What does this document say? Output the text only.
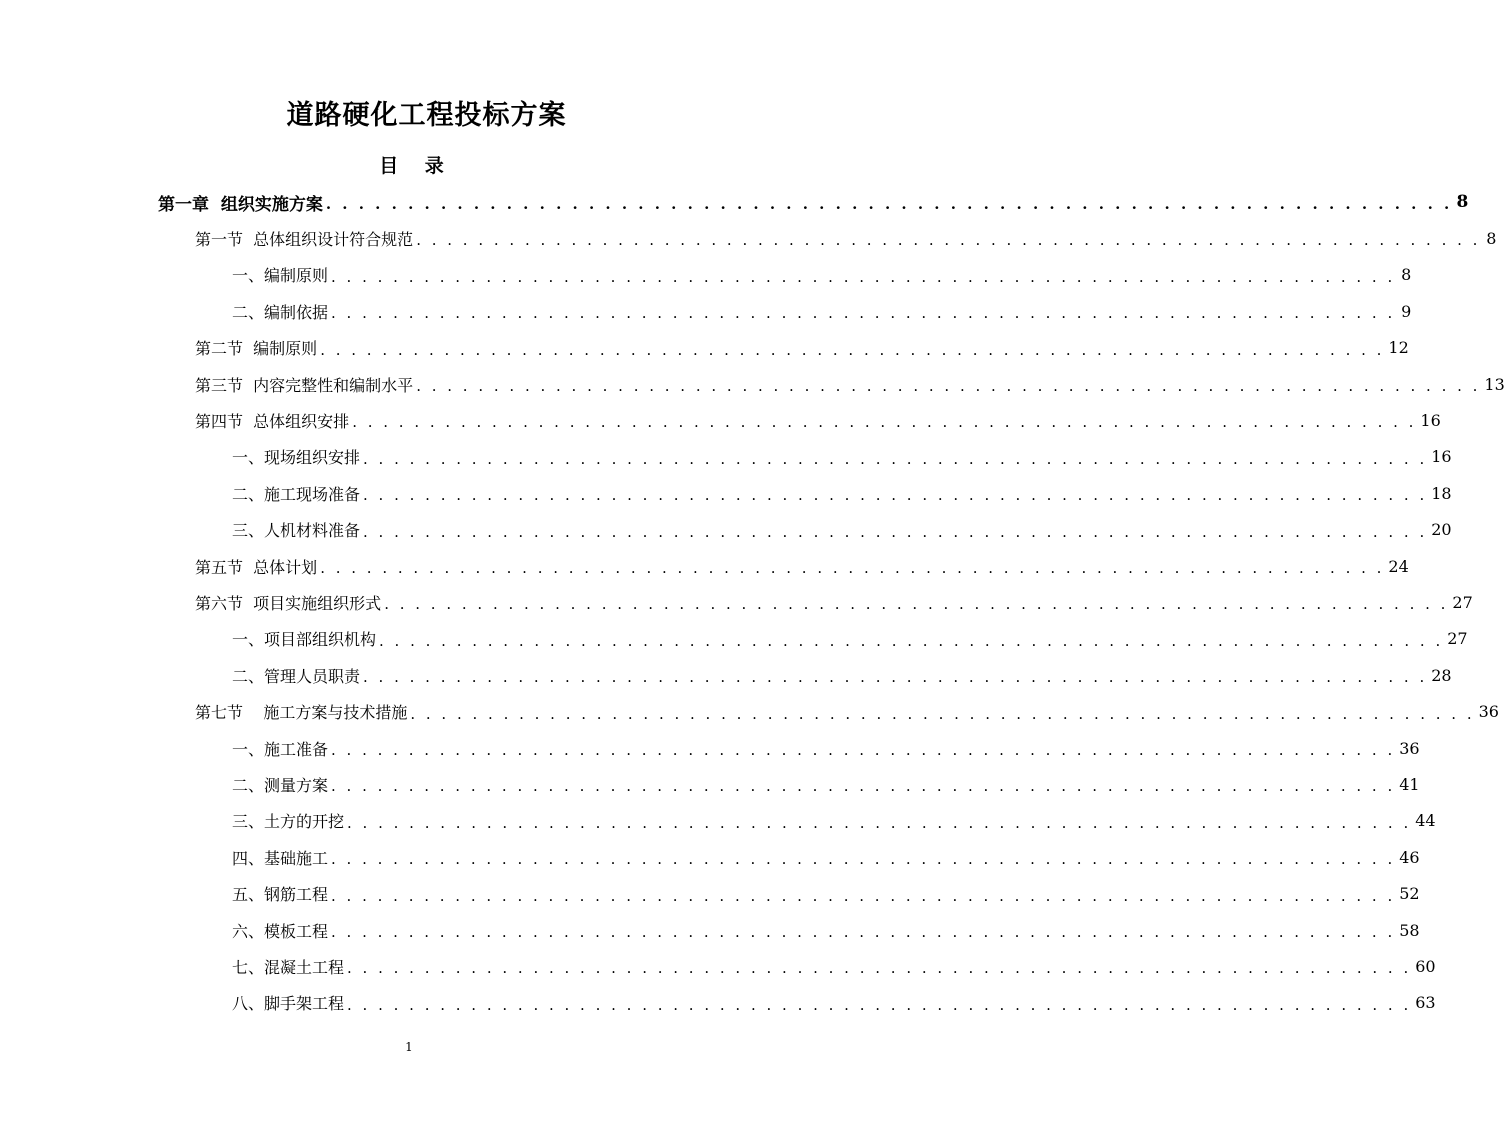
道路硬化工程投标方案
目 录
第一章  组织实施方案 . . . . . . . . . . . . . . . . . . . . . . . . . . . . . . . . . . . . . . . . . . . . . . . . . . . . . . . . . . . . . . . . . . . . . 8
第一节  总体组织设计符合规范 . . . . . . . . . . . . . . . . . . . . . . . . . . . . . . . . . . . . . . . . . . . . . . . . . . . . . . . . . . . . . . . . . . . . . 8
一、编制原则 . . . . . . . . . . . . . . . . . . . . . . . . . . . . . . . . . . . . . . . . . . . . . . . . . . . . . . . . . . . . . . . . . . . . . 8
二、编制依据 . . . . . . . . . . . . . . . . . . . . . . . . . . . . . . . . . . . . . . . . . . . . . . . . . . . . . . . . . . . . . . . . . . . . . 9
第二节  编制原则 . . . . . . . . . . . . . . . . . . . . . . . . . . . . . . . . . . . . . . . . . . . . . . . . . . . . . . . . . . . . . . . . . . . . . 12
第三节  内容完整性和编制水平 . . . . . . . . . . . . . . . . . . . . . . . . . . . . . . . . . . . . . . . . . . . . . . . . . . . . . . . . . . . . . . . . . . . . . 13
第四节  总体组织安排 . . . . . . . . . . . . . . . . . . . . . . . . . . . . . . . . . . . . . . . . . . . . . . . . . . . . . . . . . . . . . . . . . . . . . 16
一、现场组织安排 . . . . . . . . . . . . . . . . . . . . . . . . . . . . . . . . . . . . . . . . . . . . . . . . . . . . . . . . . . . . . . . . . . . . . 16
二、施工现场准备 . . . . . . . . . . . . . . . . . . . . . . . . . . . . . . . . . . . . . . . . . . . . . . . . . . . . . . . . . . . . . . . . . . . . . 18
三、人机材料准备 . . . . . . . . . . . . . . . . . . . . . . . . . . . . . . . . . . . . . . . . . . . . . . . . . . . . . . . . . . . . . . . . . . . . . 20
第五节  总体计划 . . . . . . . . . . . . . . . . . . . . . . . . . . . . . . . . . . . . . . . . . . . . . . . . . . . . . . . . . . . . . . . . . . . . . 24
第六节  项目实施组织形式 . . . . . . . . . . . . . . . . . . . . . . . . . . . . . . . . . . . . . . . . . . . . . . . . . . . . . . . . . . . . . . . . . . . . . 27
一、项目部组织机构 . . . . . . . . . . . . . . . . . . . . . . . . . . . . . . . . . . . . . . . . . . . . . . . . . . . . . . . . . . . . . . . . . . . . . 27
二、管理人员职责 . . . . . . . . . . . . . . . . . . . . . . . . . . . . . . . . . . . . . . . . . . . . . . . . . . . . . . . . . . . . . . . . . . . . . 28
第七节    施工方案与技术措施 . . . . . . . . . . . . . . . . . . . . . . . . . . . . . . . . . . . . . . . . . . . . . . . . . . . . . . . . . . . . . . . . . . . . . 36
一、施工准备 . . . . . . . . . . . . . . . . . . . . . . . . . . . . . . . . . . . . . . . . . . . . . . . . . . . . . . . . . . . . . . . . . . . . . 36
二、测量方案 . . . . . . . . . . . . . . . . . . . . . . . . . . . . . . . . . . . . . . . . . . . . . . . . . . . . . . . . . . . . . . . . . . . . . 41
三、土方的开挖 . . . . . . . . . . . . . . . . . . . . . . . . . . . . . . . . . . . . . . . . . . . . . . . . . . . . . . . . . . . . . . . . . . . . . 44
四、基础施工 . . . . . . . . . . . . . . . . . . . . . . . . . . . . . . . . . . . . . . . . . . . . . . . . . . . . . . . . . . . . . . . . . . . . . 46
五、钢筋工程 . . . . . . . . . . . . . . . . . . . . . . . . . . . . . . . . . . . . . . . . . . . . . . . . . . . . . . . . . . . . . . . . . . . . . 52
六、模板工程 . . . . . . . . . . . . . . . . . . . . . . . . . . . . . . . . . . . . . . . . . . . . . . . . . . . . . . . . . . . . . . . . . . . . . 58
七、混凝土工程 . . . . . . . . . . . . . . . . . . . . . . . . . . . . . . . . . . . . . . . . . . . . . . . . . . . . . . . . . . . . . . . . . . . . . 60
八、脚手架工程 . . . . . . . . . . . . . . . . . . . . . . . . . . . . . . . . . . . . . . . . . . . . . . . . . . . . . . . . . . . . . . . . . . . . . 63
1
